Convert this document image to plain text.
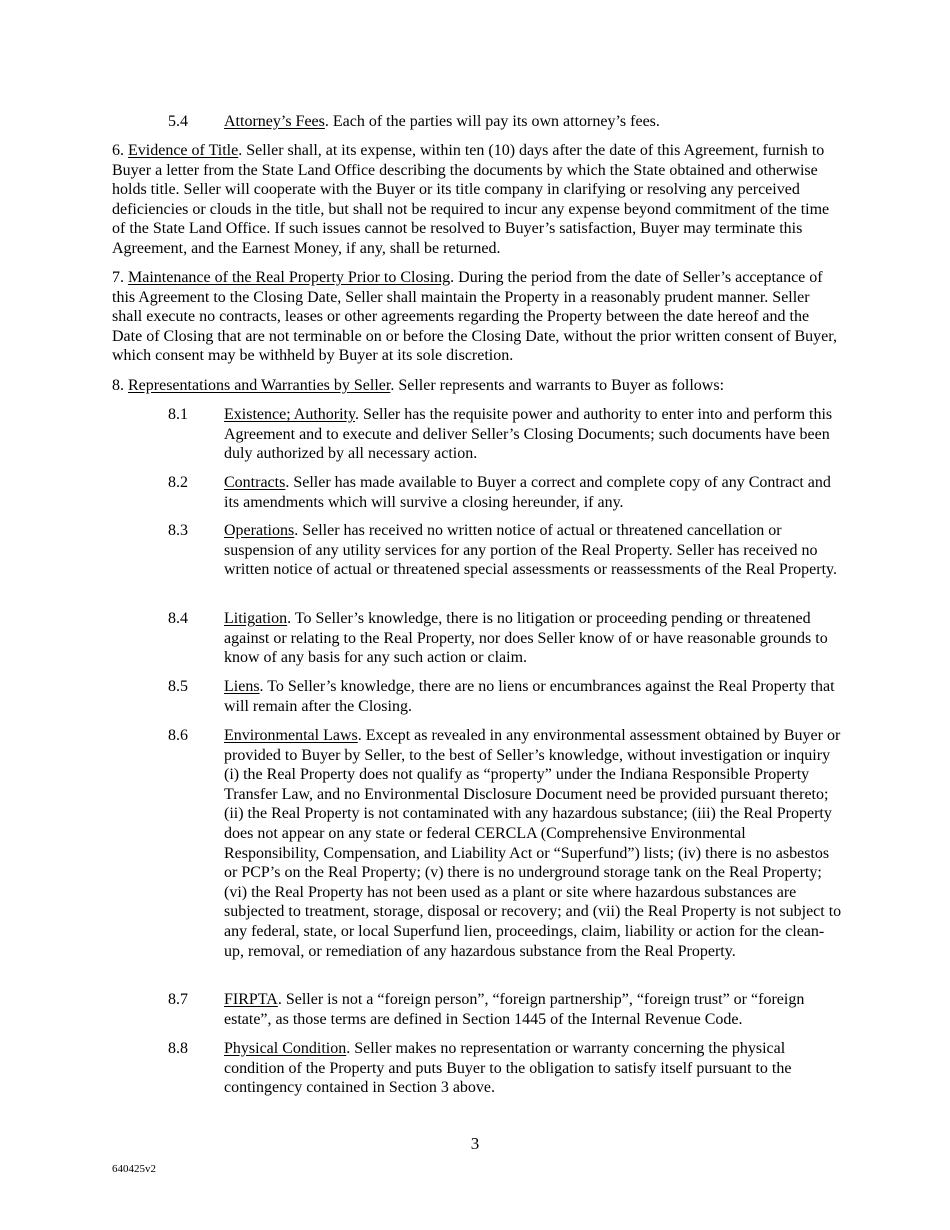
5.4	Attorney’s Fees. Each of the parties will pay its own attorney’s fees.

6. Evidence of Title. Seller shall, at its expense, within ten (10) days after the date of this Agreement, furnish to Buyer a letter from the State Land Office describing the documents by which the State obtained and otherwise holds title. Seller will cooperate with the Buyer or its title company in clarifying or resolving any perceived deficiencies or clouds in the title, but shall not be required to incur any expense beyond commitment of the time of the State Land Office. If such issues cannot be resolved to Buyer’s satisfaction, Buyer may terminate this Agreement, and the Earnest Money, if any, shall be returned.

7. Maintenance of the Real Property Prior to Closing. During the period from the date of Seller’s acceptance of this Agreement to the Closing Date, Seller shall maintain the Property in a reasonably prudent manner. Seller shall execute no contracts, leases or other agreements regarding the Property between the date hereof and the Date of Closing that are not terminable on or before the Closing Date, without the prior written consent of Buyer, which consent may be withheld by Buyer at its sole discretion.

8. Representations and Warranties by Seller. Seller represents and warrants to Buyer as follows:

8.1	Existence; Authority. Seller has the requisite power and authority to enter into and perform this Agreement and to execute and deliver Seller’s Closing Documents; such documents have been duly authorized by all necessary action.
8.2	Contracts. Seller has made available to Buyer a correct and complete copy of any Contract and its amendments which will survive a closing hereunder, if any.
8.3	Operations. Seller has received no written notice of actual or threatened cancellation or suspension of any utility services for any portion of the Real Property. Seller has received no written notice of actual or threatened special assessments or reassessments of the Real Property.
8.4	Litigation. To Seller’s knowledge, there is no litigation or proceeding pending or threatened against or relating to the Real Property, nor does Seller know of or have reasonable grounds to know of any basis for any such action or claim.
8.5	Liens. To Seller’s knowledge, there are no liens or encumbrances against the Real Property that will remain after the Closing.
8.6	Environmental Laws. Except as revealed in any environmental assessment obtained by Buyer or provided to Buyer by Seller, to the best of Seller’s knowledge, without investigation or inquiry (i) the Real Property does not qualify as “property” under the Indiana Responsible Property Transfer Law, and no Environmental Disclosure Document need be provided pursuant thereto; (ii) the Real Property is not contaminated with any hazardous substance; (iii) the Real Property does not appear on any state or federal CERCLA (Comprehensive Environmental Responsibility, Compensation, and Liability Act or “Superfund”) lists; (iv) there is no asbestos or PCP’s on the Real Property; (v) there is no underground storage tank on the Real Property; (vi) the Real Property has not been used as a plant or site where hazardous substances are subjected to treatment, storage, disposal or recovery; and (vii) the Real Property is not subject to any federal, state, or local Superfund lien, proceedings, claim, liability or action for the clean-up, removal, or remediation of any hazardous substance from the Real Property.
8.7	FIRPTA. Seller is not a “foreign person”, “foreign partnership”, “foreign trust” or “foreign estate”, as those terms are defined in Section 1445 of the Internal Revenue Code.
8.8	Physical Condition. Seller makes no representation or warranty concerning the physical condition of the Property and puts Buyer to the obligation to satisfy itself pursuant to the contingency contained in Section 3 above.
3
640425v2
